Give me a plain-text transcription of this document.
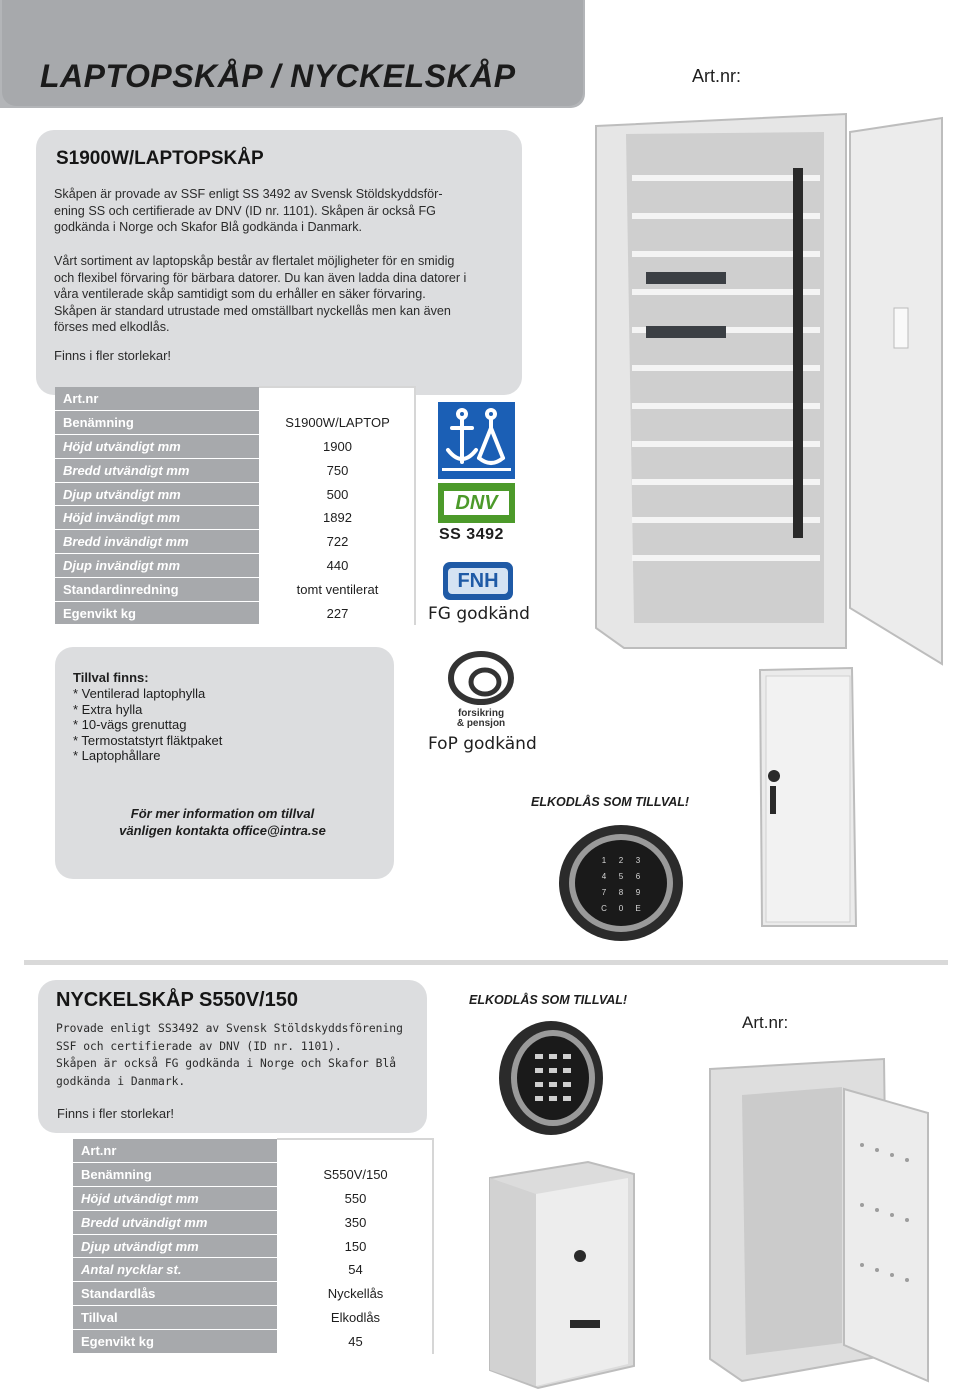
LAPTOPSKÅP / NYCKELSKÅP	Art.nr:
S1900W/LAPTOPSKÅP
Skåpen är provade av SSF enligt SS 3492 av Svensk Stöldskyddsför-
ening SS och certifierade av DNV (ID nr. 1101). Skåpen är också FG
godkända i Norge och Skafor Blå godkända i Danmark.
Vårt sortiment av laptopskåp består av flertalet möjligheter för en smidig
och flexibel förvaring för bärbara datorer. Du kan även ladda dina datorer i
våra ventilerade skåp samtidigt som du erhåller en säker förvaring.
Skåpen är standard utrustade med omställbart nyckellås men kan även
förses med elkodlås.
Finns i fler storlekar!
Art.nr	
Benämning	S1900W/LAPTOP
Höjd utvändigt mm	1900
Bredd utvändigt mm	750
Djup utvändigt mm	500
Höjd invändigt mm	1892
Bredd invändigt mm	722
Djup invändigt mm	440
Standardinredning	tomt ventilerat
Egenvikt kg	227
DNV
SS 3492
FNH
FG godkänd
Tillval finns:
* Ventilerad laptophylla
* Extra hylla
* 10-vägs grenuttag
* Termostatstyrt fläktpaket
* Laptophållare
För mer information om tillval
vänligen kontakta office@intra.se
forsikring
& pensjon
FoP godkänd
ELKODLÅS SOM TILLVAL!
1 2 3
4 5 6
7 8 9
C 0 E
NYCKELSKÅP S550V/150
Provade enligt SS3492 av Svensk Stöldskyddsförening
SSF och certifierade av DNV (ID nr. 1101).
Skåpen är också FG godkända i Norge och Skafor Blå
godkända i Danmark.
Finns i fler storlekar!
ELKODLÅS SOM TILLVAL!
Art.nr:
Art.nr	
Benämning	S550V/150
Höjd utvändigt mm	550
Bredd utvändigt mm	350
Djup utvändigt mm	150
Antal nycklar st.	54
Standardlås	Nyckellås
Tillval	Elkodlås
Egenvikt kg	45
